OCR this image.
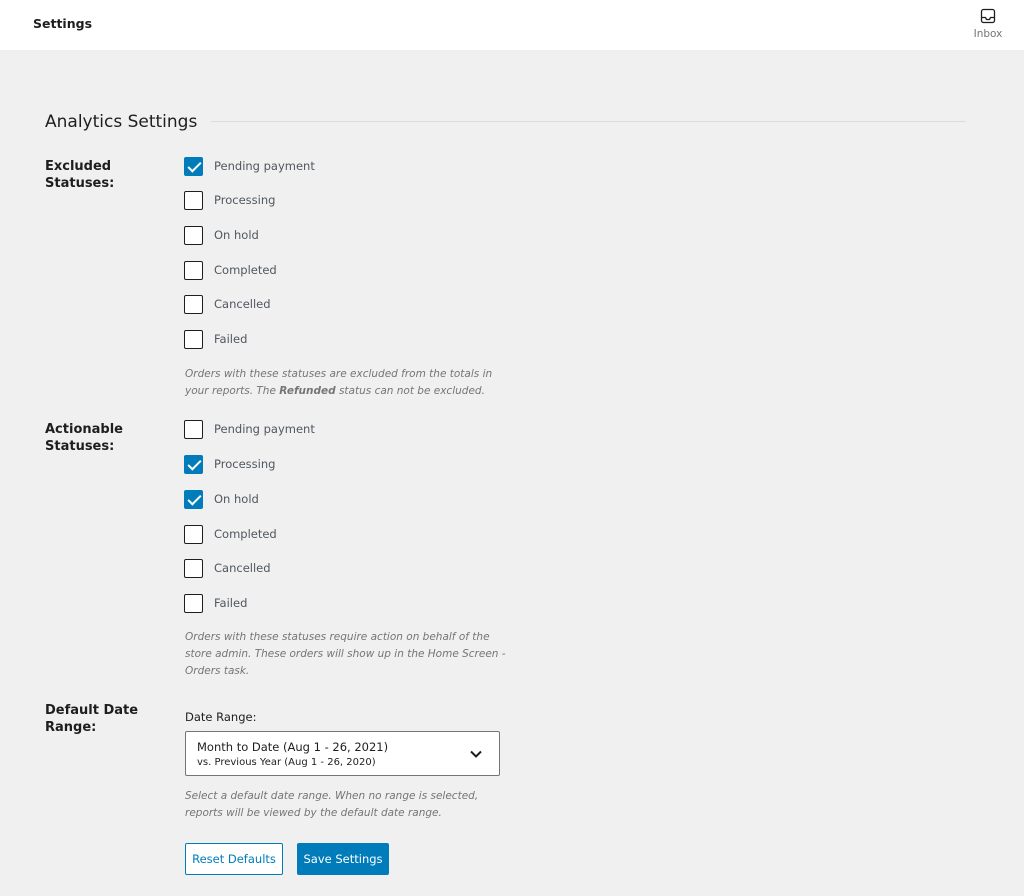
Settings
Inbox
Analytics Settings
Excluded Statuses:
Pending payment
Processing
On hold
Completed
Cancelled
Failed
Orders with these statuses are excluded from the totals in your reports. The Refunded status can not be excluded.
Actionable Statuses:
Pending payment
Processing
On hold
Completed
Cancelled
Failed
Orders with these statuses require action on behalf of the store admin. These orders will show up in the Home Screen - Orders task.
Default Date Range:
Date Range:
Month to Date (Aug 1 - 26, 2021)
vs. Previous Year (Aug 1 - 26, 2020)
Select a default date range. When no range is selected, reports will be viewed by the default date range.
Reset Defaults	Save Settings
